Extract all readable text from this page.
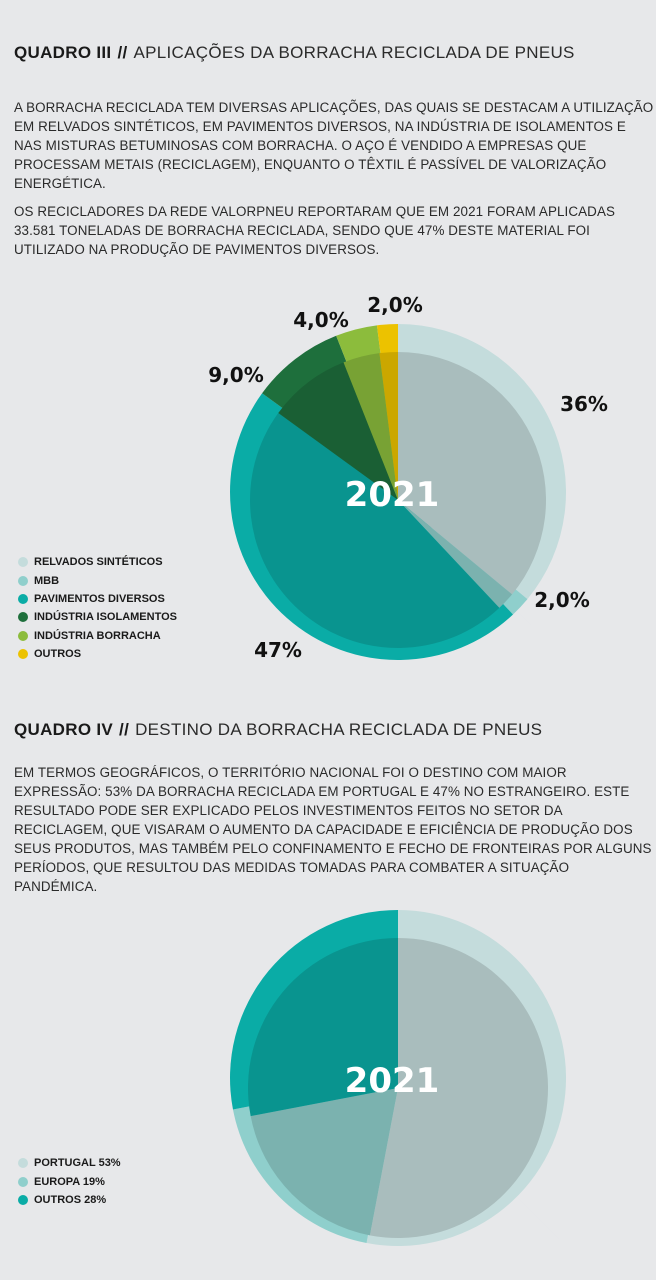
QUADRO III // APLICAÇÕES DA BORRACHA RECICLADA DE PNEUS

A BORRACHA RECICLADA TEM DIVERSAS APLICAÇÕES, DAS QUAIS SE DESTACAM A UTILIZAÇÃO EM RELVADOS SINTÉTICOS, EM PAVIMENTOS DIVERSOS, NA INDÚSTRIA DE ISOLAMENTOS E NAS MISTURAS BETUMINOSAS COM BORRACHA. O AÇO É VENDIDO A EMPRESAS QUE PROCESSAM METAIS (RECICLAGEM), ENQUANTO O TÊXTIL É PASSÍVEL DE VALORIZAÇÃO ENERGÉTICA.

OS RECICLADORES DA REDE VALORPNEU REPORTARAM QUE EM 2021 FORAM APLICADAS 33.581 TONELADAS DE BORRACHA RECICLADA, SENDO QUE 47% DESTE MATERIAL FOI UTILIZADO NA PRODUÇÃO DE PAVIMENTOS DIVERSOS.

2021
36%
2,0%
47%
9,0%
4,0%
2,0%
RELVADOS SINTÉTICOS
MBB
PAVIMENTOS DIVERSOS
INDÚSTRIA ISOLAMENTOS
INDÚSTRIA BORRACHA
OUTROS
QUADRO IV // DESTINO DA BORRACHA RECICLADA DE PNEUS

EM TERMOS GEOGRÁFICOS, O TERRITÓRIO NACIONAL FOI O DESTINO COM MAIOR EXPRESSÃO: 53% DA BORRACHA RECICLADA EM PORTUGAL E 47% NO ESTRANGEIRO. ESTE RESULTADO PODE SER EXPLICADO PELOS INVESTIMENTOS FEITOS NO SETOR DA RECICLAGEM, QUE VISARAM O AUMENTO DA CAPACIDADE E EFICIÊNCIA DE PRODUÇÃO DOS SEUS PRODUTOS, MAS TAMBÉM PELO CONFINAMENTO E FECHO DE FRONTEIRAS POR ALGUNS PERÍODOS, QUE RESULTOU DAS MEDIDAS TOMADAS PARA COMBATER A SITUAÇÃO PANDÉMICA.

2021
PORTUGAL 53%
EUROPA 19%
OUTROS 28%
